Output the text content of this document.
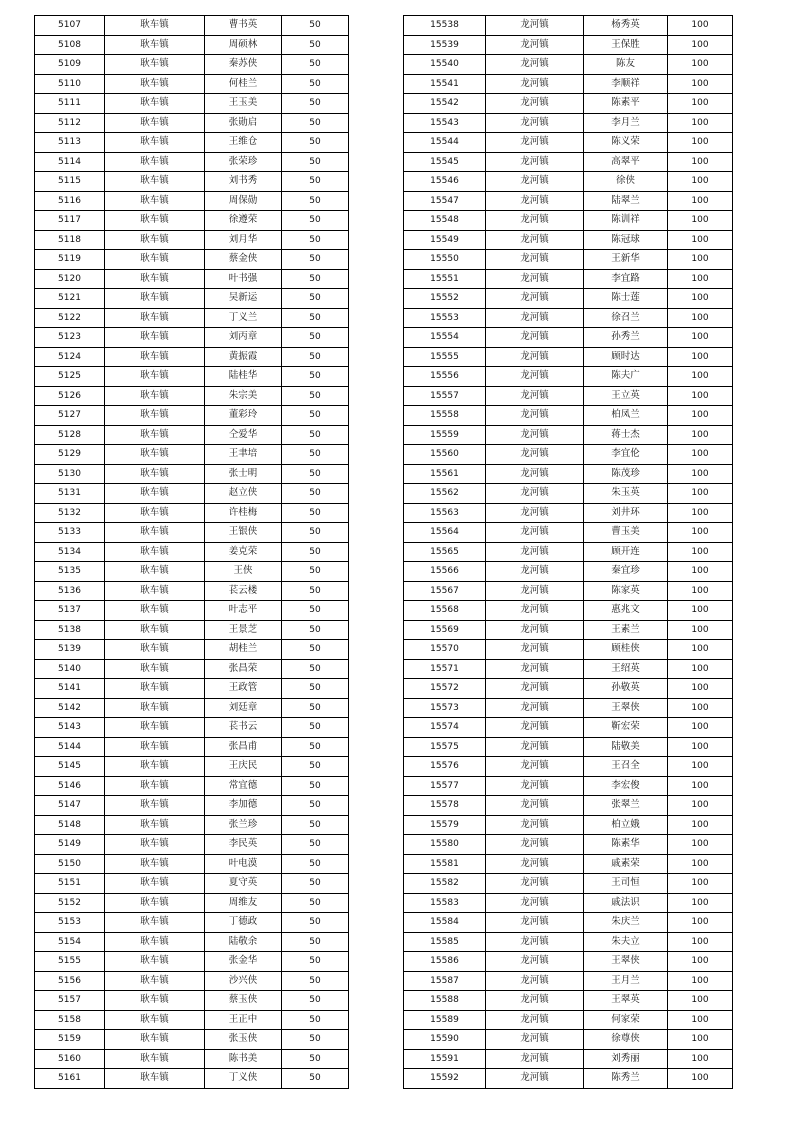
5107	耿车镇	曹书英	50
5108	耿车镇	周硕林	50
5109	耿车镇	秦苏侠	50
5110	耿车镇	何桂兰	50
5111	耿车镇	王玉美	50
5112	耿车镇	张勋启	50
5113	耿车镇	王维仓	50
5114	耿车镇	张荣珍	50
5115	耿车镇	刘书秀	50
5116	耿车镇	周保勋	50
5117	耿车镇	徐遵荣	50
5118	耿车镇	刘月华	50
5119	耿车镇	蔡金侠	50
5120	耿车镇	叶书强	50
5121	耿车镇	吴新运	50
5122	耿车镇	丁义兰	50
5123	耿车镇	刘丙章	50
5124	耿车镇	黄振霞	50
5125	耿车镇	陆桂华	50
5126	耿车镇	朱宗美	50
5127	耿车镇	董彩玲	50
5128	耿车镇	仝爱华	50
5129	耿车镇	王聿培	50
5130	耿车镇	张士明	50
5131	耿车镇	赵立侠	50
5132	耿车镇	许桂梅	50
5133	耿车镇	王银侠	50
5134	耿车镇	姜克荣	50
5135	耿车镇	王侠	50
5136	耿车镇	苌云楼	50
5137	耿车镇	叶志平	50
5138	耿车镇	王景芝	50
5139	耿车镇	胡桂兰	50
5140	耿车镇	张昌荣	50
5141	耿车镇	王政管	50
5142	耿车镇	刘廷章	50
5143	耿车镇	苌书云	50
5144	耿车镇	张昌甫	50
5145	耿车镇	王庆民	50
5146	耿车镇	常宜德	50
5147	耿车镇	李加德	50
5148	耿车镇	张兰珍	50
5149	耿车镇	李民英	50
5150	耿车镇	叶电漠	50
5151	耿车镇	夏守英	50
5152	耿车镇	周维友	50
5153	耿车镇	丁德政	50
5154	耿车镇	陆敬余	50
5155	耿车镇	张金华	50
5156	耿车镇	沙兴侠	50
5157	耿车镇	蔡玉侠	50
5158	耿车镇	王正中	50
5159	耿车镇	张玉侠	50
5160	耿车镇	陈书美	50
5161	耿车镇	丁义侠	50
15538	龙河镇	杨秀英	100
15539	龙河镇	王保胜	100
15540	龙河镇	陈友	100
15541	龙河镇	李顺祥	100
15542	龙河镇	陈素平	100
15543	龙河镇	李月兰	100
15544	龙河镇	陈义荣	100
15545	龙河镇	高翠平	100
15546	龙河镇	徐侠	100
15547	龙河镇	陆翠兰	100
15548	龙河镇	陈训祥	100
15549	龙河镇	陈冠球	100
15550	龙河镇	王新华	100
15551	龙河镇	李宜路	100
15552	龙河镇	陈士莲	100
15553	龙河镇	徐召兰	100
15554	龙河镇	孙秀兰	100
15555	龙河镇	顾时达	100
15556	龙河镇	陈夫广	100
15557	龙河镇	王立英	100
15558	龙河镇	柏凤兰	100
15559	龙河镇	蒋士杰	100
15560	龙河镇	李宜伦	100
15561	龙河镇	陈茂珍	100
15562	龙河镇	朱玉英	100
15563	龙河镇	刘井环	100
15564	龙河镇	曹玉美	100
15565	龙河镇	顾开连	100
15566	龙河镇	秦宜珍	100
15567	龙河镇	陈家英	100
15568	龙河镇	惠兆文	100
15569	龙河镇	王素兰	100
15570	龙河镇	顾桂侠	100
15571	龙河镇	王绍英	100
15572	龙河镇	孙敬英	100
15573	龙河镇	王翠侠	100
15574	龙河镇	靳宏荣	100
15575	龙河镇	陆敬美	100
15576	龙河镇	王召全	100
15577	龙河镇	李宏俊	100
15578	龙河镇	张翠兰	100
15579	龙河镇	柏立娥	100
15580	龙河镇	陈素华	100
15581	龙河镇	戚素荣	100
15582	龙河镇	王司恒	100
15583	龙河镇	戚法识	100
15584	龙河镇	朱庆兰	100
15585	龙河镇	朱夫立	100
15586	龙河镇	王翠侠	100
15587	龙河镇	王月兰	100
15588	龙河镇	王翠英	100
15589	龙河镇	何家荣	100
15590	龙河镇	徐尊侠	100
15591	龙河镇	刘秀丽	100
15592	龙河镇	陈秀兰	100
